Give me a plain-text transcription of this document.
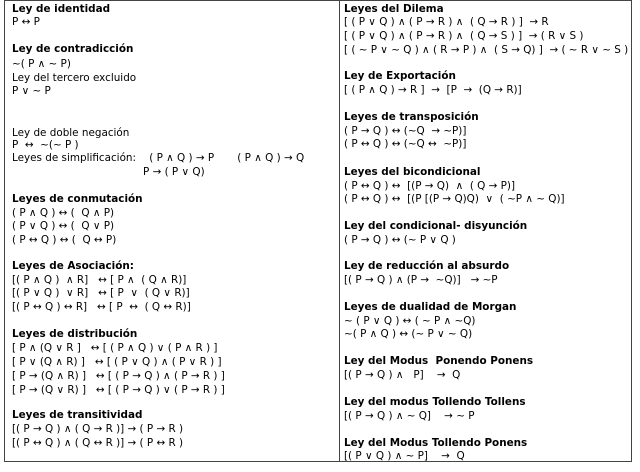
Ley de identidad
P ↔ P
Ley de contradicción
~( P ∧ ~ P)
Ley del tercero excluido
P ∨ ~ P
Ley de doble negación
P  ↔  ~(~ P )
Leyes de simplificación:    ( P ∧ Q ) → P       ( P ∧ Q ) → Q
P → ( P ∨ Q)
Leyes de conmutación
( P ∧ Q ) ↔ (  Q ∧ P)
( P ∨ Q ) ↔ (  Q ∨ P)
( P ↔ Q ) ↔ (  Q ↔ P)
Leyes de Asociación:
[( P ∧ Q )  ∧ R]   ↔ [ P ∧  ( Q ∧ R)]
[( P ∨ Q )  ∨ R]   ↔ [ P  ∨  ( Q ∨ R)]
[( P ↔ Q ) ↔ R]   ↔ [ P  ↔  ( Q ↔ R)]
Leyes de distribución
[ P ∧ (Q ∨ R ]   ↔ [ ( P ∧ Q ) ∨ ( P ∧ R ) ]
[ P ∨ (Q ∧ R) ]   ↔ [ ( P ∨ Q ) ∧ ( P ∨ R ) ]
[ P → (Q ∧ R) ]   ↔ [ ( P → Q ) ∧ ( P → R ) ]
[ P → (Q ∨ R) ]   ↔ [ ( P → Q ) ∨ ( P → R ) ]
Leyes de transitividad
[( P → Q ) ∧ ( Q → R )] → ( P → R )
[( P ↔ Q ) ∧ ( Q ↔ R )] → ( P ↔ R )
Leyes del Dilema
[ ( P ∨ Q ) ∧ ( P → R ) ∧  ( Q → R ) ]  → R
[ ( P ∨ Q ) ∧ ( P → R ) ∧  ( Q → S ) ]  → ( R ∨ S )
[ ( ~ P ∨ ~ Q ) ∧ ( R → P ) ∧  ( S → Q) ]  → ( ~ R ∨ ~ S )
Ley de Exportación
[ ( P ∧ Q ) → R ]  →  [P  →  (Q → R)]
Leyes de transposición
( P → Q ) ↔ (~Q  → ~P)]
( P ↔ Q ) ↔ (~Q ↔  ~P)]
Leyes del bicondicional
( P ↔ Q ) ↔  [(P → Q)  ∧  ( Q → P)]
( P ↔ Q ) ↔  [(P [(P → Q)Q)  ∨  ( ~P ∧ ~ Q)]
Ley del condicional- disyunción
( P → Q ) ↔ (~ P ∨ Q )
Ley de reducción al absurdo
[( P → Q ) ∧ (P →  ~Q)]   → ~P
Leyes de dualidad de Morgan
~ ( P ∨ Q ) ↔ ( ~ P ∧ ~Q)
~( P ∧ Q ) ↔ (~ P ∨ ~ Q)
Ley del Modus  Ponendo Ponens
[( P → Q ) ∧   P]    →  Q
Ley del modus Tollendo Tollens
[( P → Q ) ∧ ~ Q]    → ~ P
Ley del Modus Tollendo Ponens
[( P ∨ Q ) ∧ ~ P]    →  Q
